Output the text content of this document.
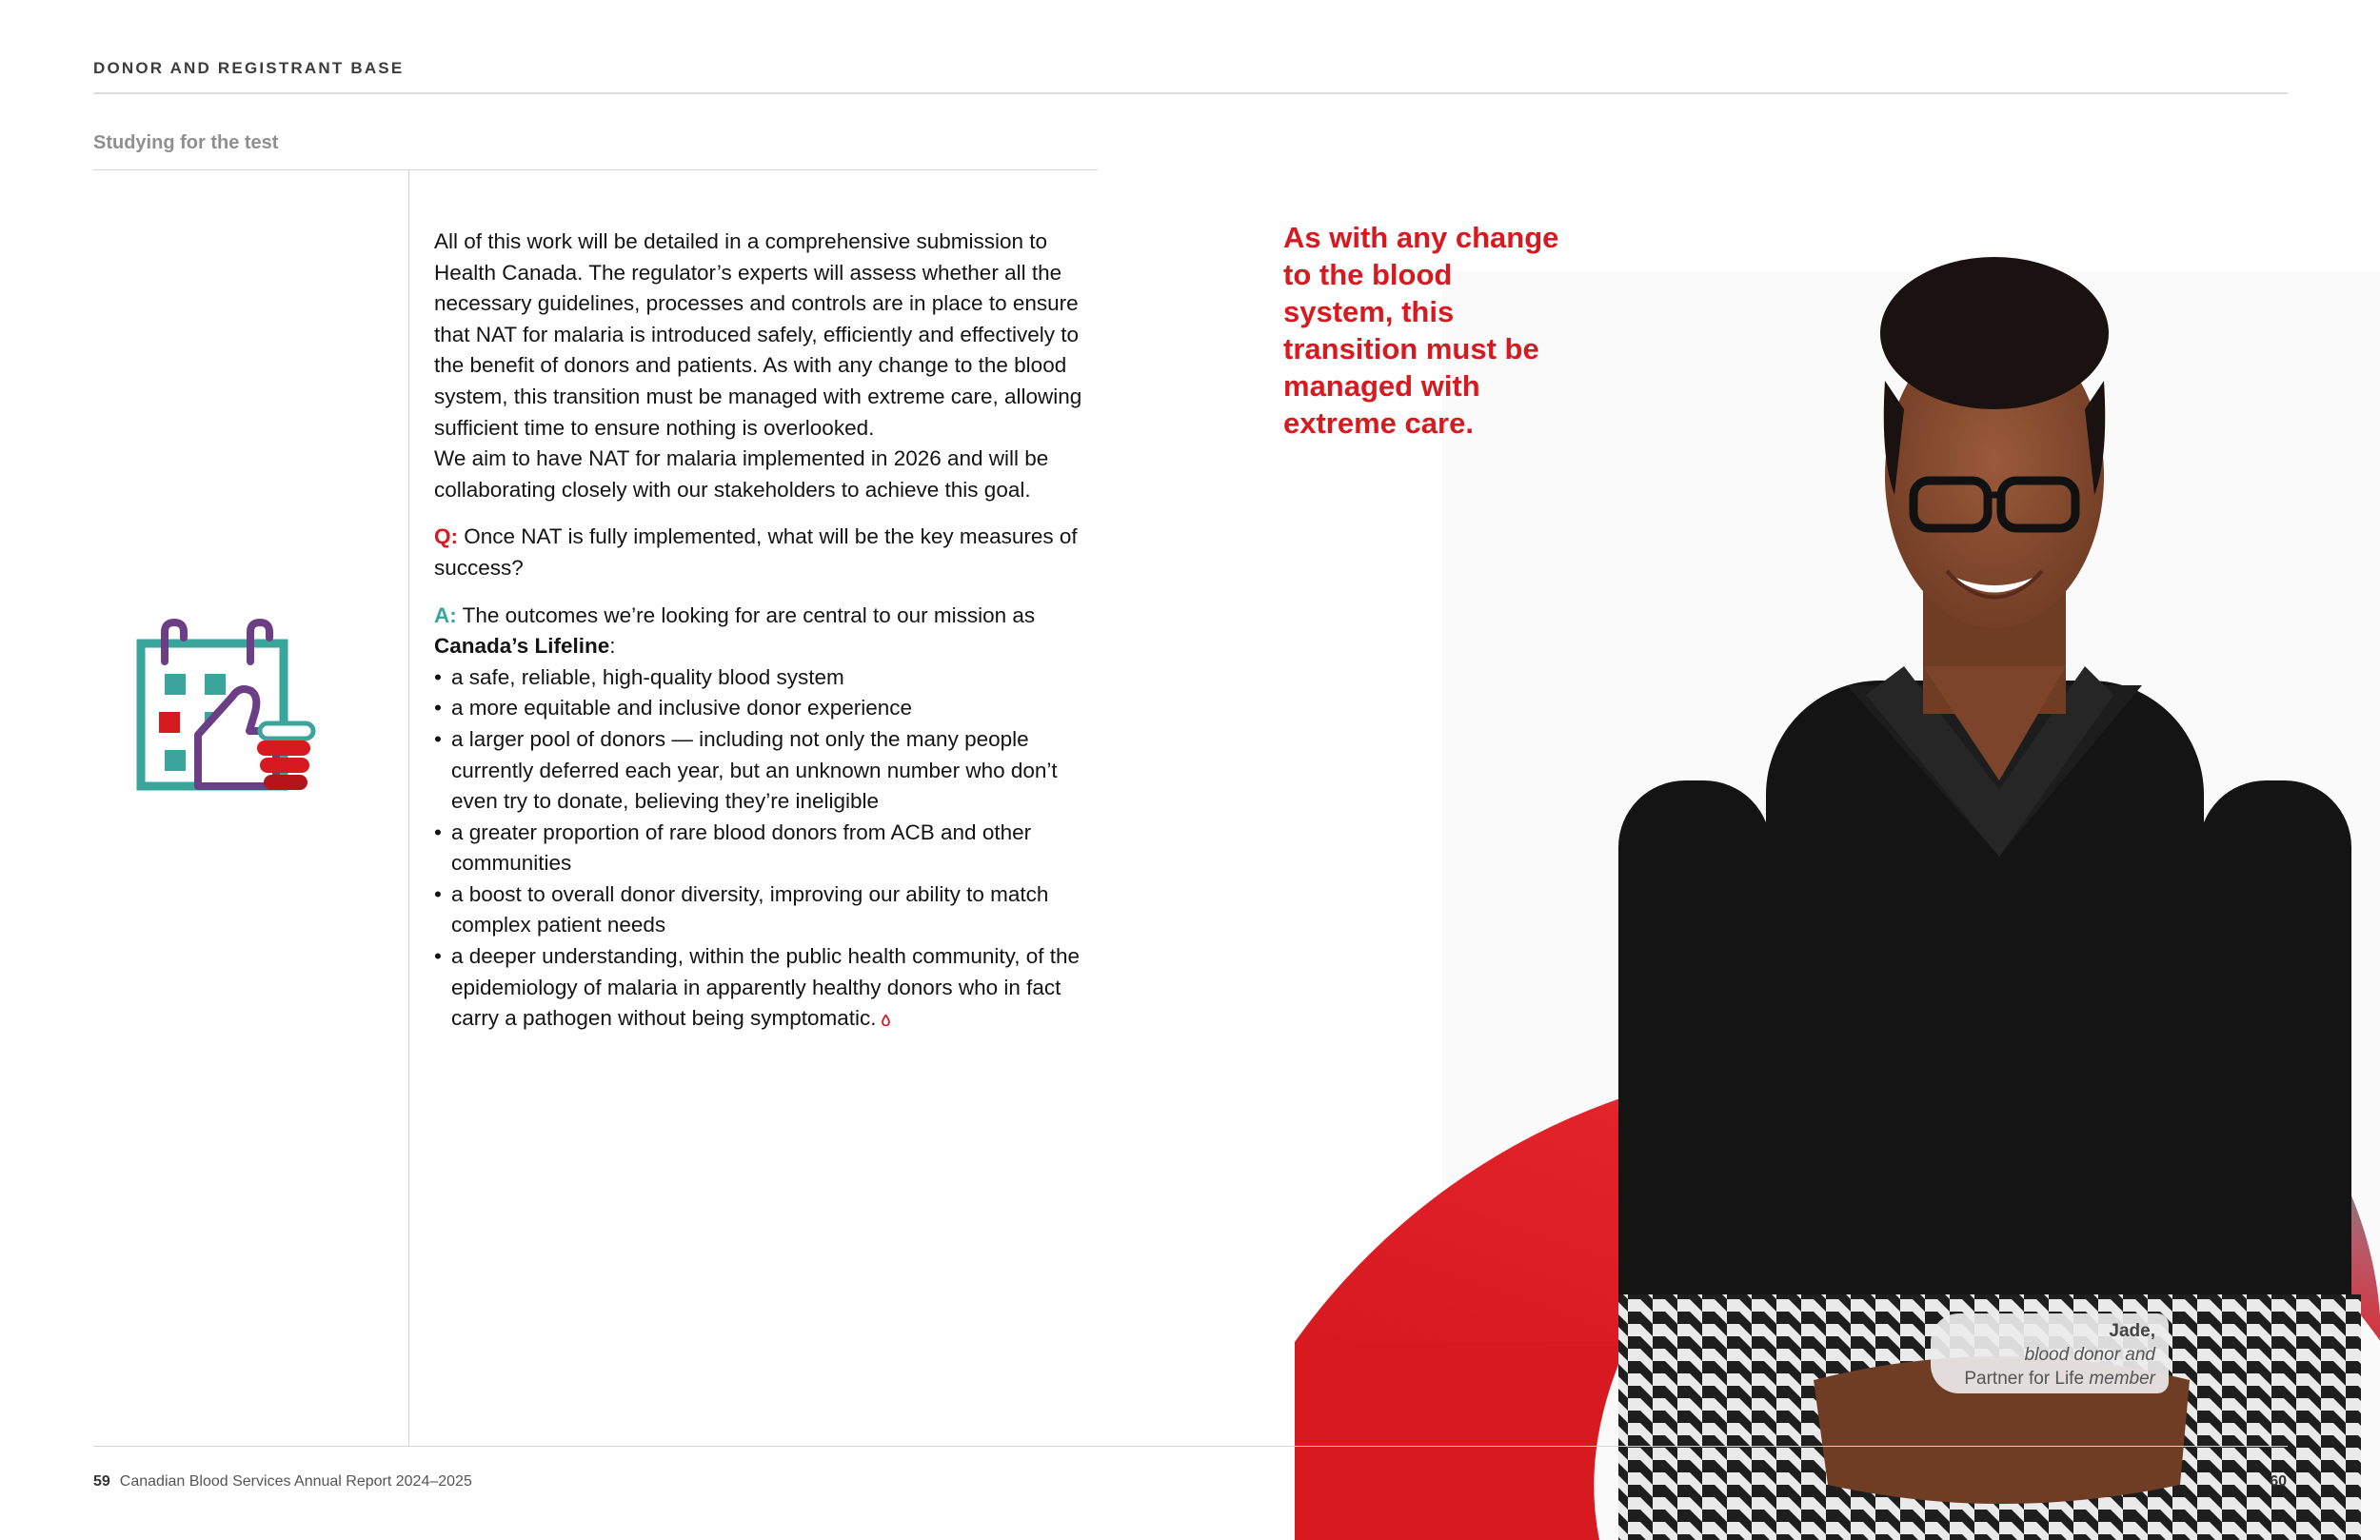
DONOR AND REGISTRANT BASE
Studying for the test

All of this work will be detailed in a comprehensive submission to Health Canada. The regulator’s experts will assess whether all the necessary guidelines, processes and controls are in place to ensure that NAT for malaria is introduced safely, efficiently and effectively to the benefit of donors and patients. As with any change to the blood system, this transition must be managed with extreme care, allowing sufficient time to ensure nothing is overlooked.

We aim to have NAT for malaria implemented in 2026 and will be collaborating closely with our stakeholders to achieve this goal.

Q: Once NAT is fully implemented, what will be the key measures of success?

A: The outcomes we’re looking for are central to our mission as Canada’s Lifeline:

• a safe, reliable, high-quality blood system
• a more equitable and inclusive donor experience
• a larger pool of donors — including not only the many people currently deferred each year, but an unknown number who don’t even try to donate, believing they’re ineligible
• a greater proportion of rare blood donors from ACB and other communities
• a boost to overall donor diversity, improving our ability to match complex patient needs
• a deeper understanding, within the public health community, of the epidemiology of malaria in apparently healthy donors who in fact carry a pathogen without being symptomatic.
As with any change to the blood system, this transition must be managed with extreme care.
Jade,
blood donor and
Partner for Life member
59 Canadian Blood Services Annual Report 2024–2025	60
